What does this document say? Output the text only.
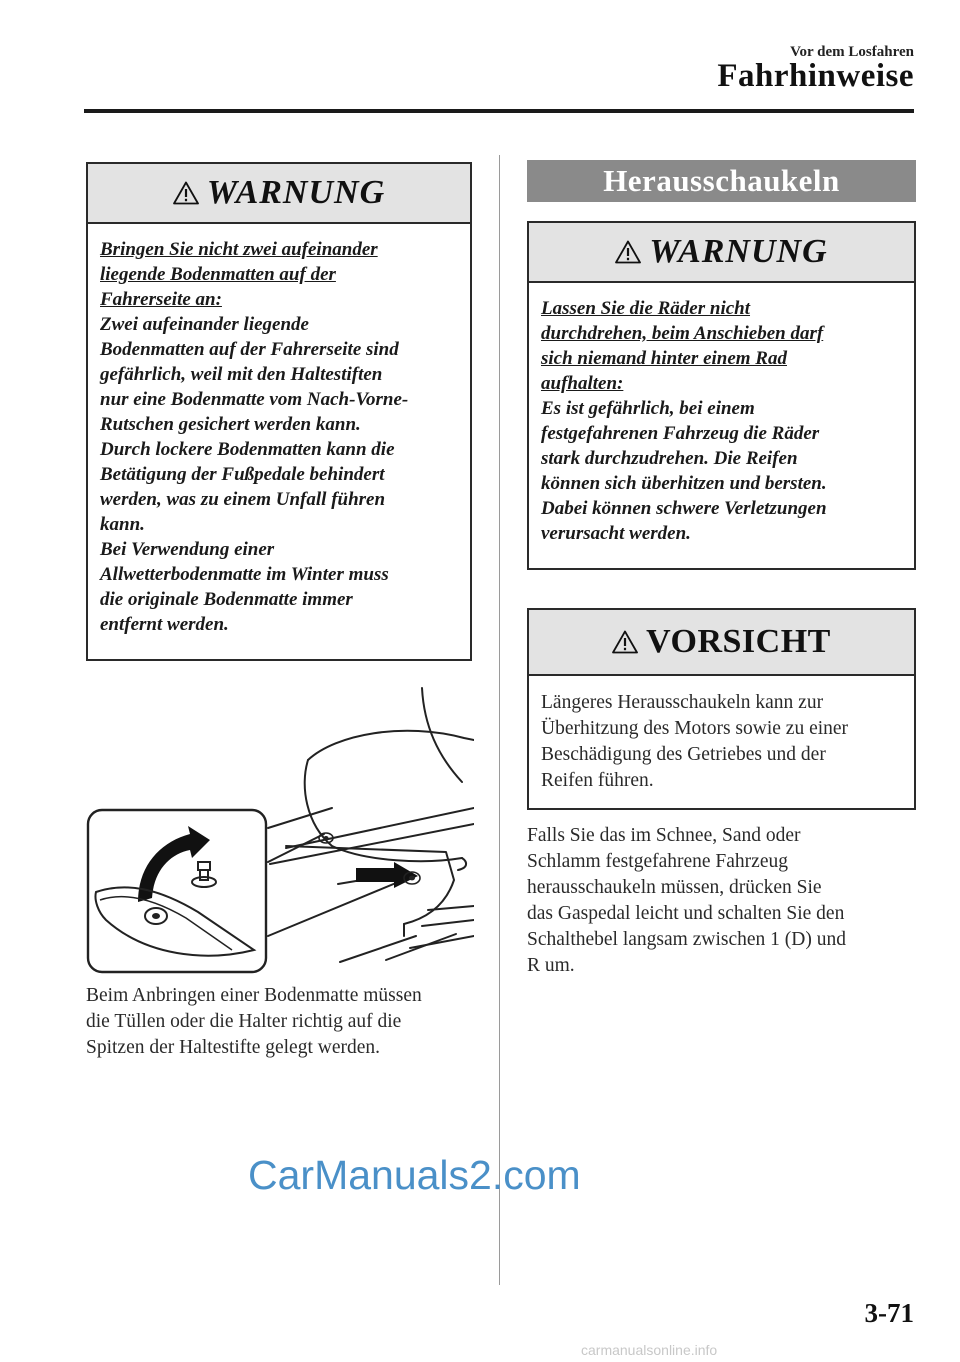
Vor dem Losfahren
Fahrhinweise
WARNUNG
Bringen Sie nicht zwei aufeinander
liegende Bodenmatten auf der
Fahrerseite an:
Zwei aufeinander liegende
Bodenmatten auf der Fahrerseite sind
gefährlich, weil mit den Haltestiften
nur eine Bodenmatte vom Nach-Vorne-
Rutschen gesichert werden kann.
Durch lockere Bodenmatten kann die
Betätigung der Fußpedale behindert
werden, was zu einem Unfall führen
kann.
Bei Verwendung einer
Allwetterbodenmatte im Winter muss
die originale Bodenmatte immer
entfernt werden.
Beim Anbringen einer Bodenmatte müssen
die Tüllen oder die Halter richtig auf die
Spitzen der Haltestifte gelegt werden.
Herausschaukeln
WARNUNG
Lassen Sie die Räder nicht
durchdrehen, beim Anschieben darf
sich niemand hinter einem Rad
aufhalten:
Es ist gefährlich, bei einem
festgefahrenen Fahrzeug die Räder
stark durchzudrehen. Die Reifen
können sich überhitzen und bersten.
Dabei können schwere Verletzungen
verursacht werden.
VORSICHT
Längeres Herausschaukeln kann zur
Überhitzung des Motors sowie zu einer
Beschädigung des Getriebes und der
Reifen führen.
Falls Sie das im Schnee, Sand oder
Schlamm festgefahrene Fahrzeug
herausschaukeln müssen, drücken Sie
das Gaspedal leicht und schalten Sie den
Schalthebel langsam zwischen 1 (D) und
R um.
CarManuals2.com
3-71
carmanualsonline.info
